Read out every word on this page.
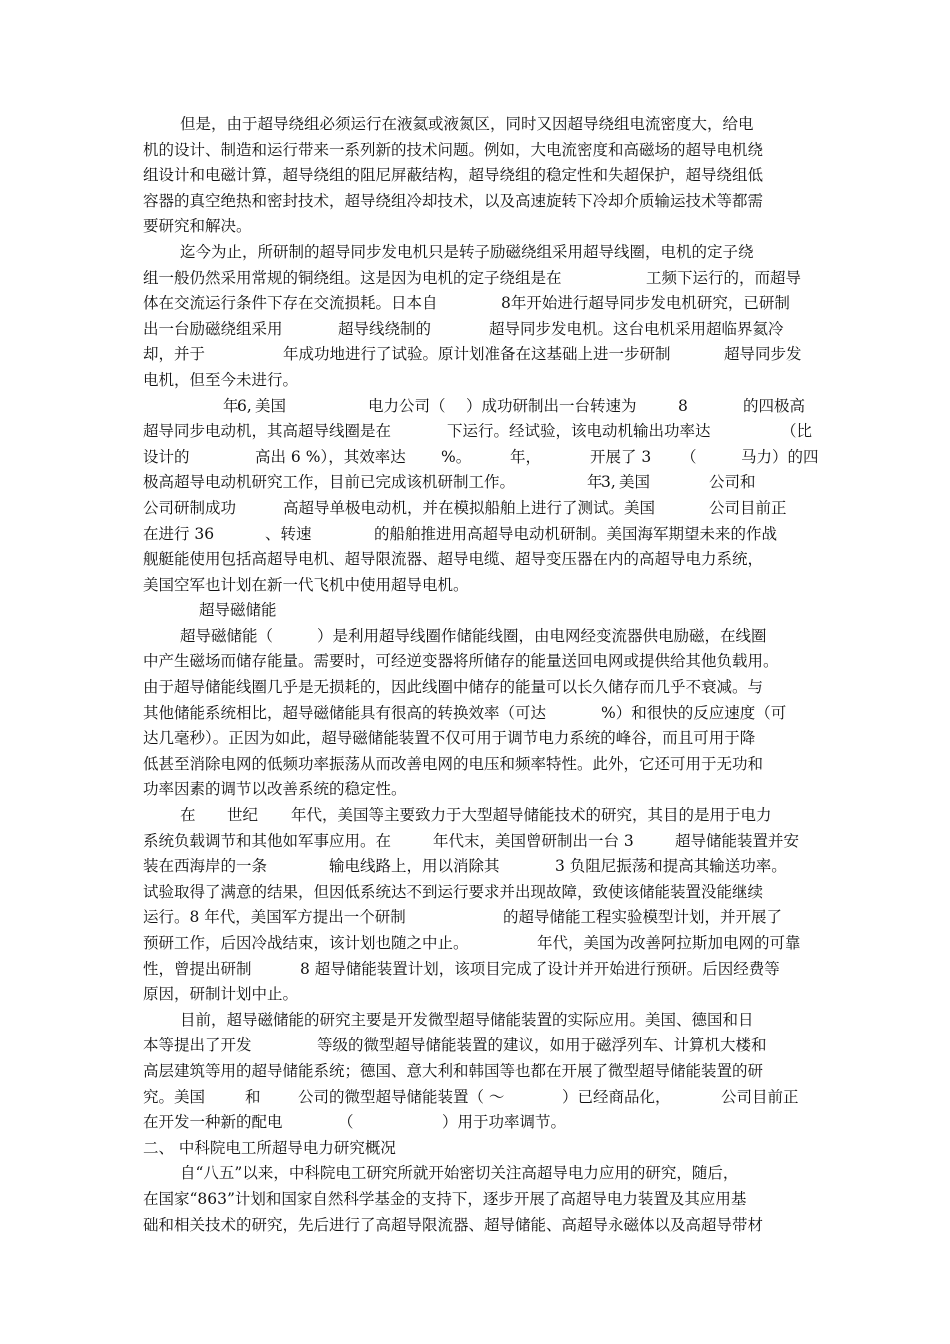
但是，由于超导绕组必须运行在液氦或液氮区，同时又因超导绕组电流密度大，给电
机的设计、制造和运行带来一系列新的技术问题。例如，大电流密度和高磁场的超导电机绕
组设计和电磁计算，超导绕组的阻尼屏蔽结构，超导绕组的稳定性和失超保护，超导绕组低
容器的真空绝热和密封技术，超导绕组冷却技术，以及高速旋转下冷却介质输运技术等都需
要研究和解决。
迄今为止，所研制的超导同步发电机只是转子励磁绕组采用超导线圈，电机的定子绕
组一般仍然采用常规的铜绕组。这是因为电机的定子绕组是在	工频下运行的，而超导
体在交流运行条件下存在交流损耗。日本自	8年开始进行超导同步发电机研究，已研制
出一台励磁绕组采用	超导线绕制的	超导同步发电机。这台电机采用超临界氦冷
却，并于	年成功地进行了试验。原计划准备在这基础上进一步研制	超导同步发
电机，但至今未进行。
年
6, 美国	电力公司（ ）成功研制出一台转速为	8	的四极高
超导同步电动机，其高超导线圈是在	下运行。经试验，该电动机输出功率达	（比
设计的	高出 6 %），其效率达 %。	年，	开展了 3 （	马力）的四
极高超导电动机研究工作，目前已完成该机研制工作。	年
3, 美国	公司和
公司研制成功	高超导单极电动机，并在模拟船舶上进行了测试。美国	公司目前正
在进行 36	、转速	的船舶推进用高超导电动机研制。美国海军期望未来的作战
舰艇能使用包括高超导电机、超导限流器、超导电缆、超导变压器在内的高超导电力系统，
美国空军也计划在新一代飞机中使用超导电机。
超导磁储能
超导磁储能（	）是利用超导线圈作储能线圈，由电网经变流器供电励磁，在线圈
中产生磁场而储存能量。需要时，可经逆变器将所储存的能量送回电网或提供给其他负载用。
由于超导储能线圈几乎是无损耗的，因此线圈中储存的能量可以长久储存而几乎不衰减。与
其他储能系统相比，超导磁储能具有很高的转换效率（可达	%）和很快的反应速度（可
达几毫秒）。正因为如此，超导磁储能装置不仅可用于调节电力系统的峰谷，而且可用于降
低甚至消除电网的低频功率振荡从而改善电网的电压和频率特性。此外，它还可用于无功和
功率因素的调节以改善系统的稳定性。
在 世纪 年代，美国等主要致力于大型超导储能技术的研究，其目的是用于电力
系统负载调节和其他如军事应用。在	年代末，美国曾研制出一台 3	超导储能装置并安
装在西海岸的一条	输电线路上，用以消除其	3 负阻尼振荡和提高其输送功率。
试验取得了满意的结果，但因低系统达不到运行要求并出现故障，致使该储能装置没能继续
运行。8 年代，美国军方提出一个研制	的超导储能工程实验模型计划，并开展了
预研工作，后因冷战结束，该计划也随之中止。	年代，美国为改善阿拉斯加电网的可靠
性，曾提出研制	8 超导储能装置计划，该项目完成了设计并开始进行预研。后因经费等
原因，研制计划中止。
目前，超导磁储能的研究主要是开发微型超导储能装置的实际应用。美国、德国和日
本等提出了开发	等级的微型超导储能装置的建议，如用于磁浮列车、计算机大楼和
高层建筑等用的超导储能系统；德国、意大利和韩国等也都在开展了微型超导储能装置的研
究。美国	和 公司的微型超导储能装置（ ～	）已经商品化，	公司目前正
在开发一种新的配电	（	）用于功率调节。
二、 中科院电工所超导电力研究概况
自“八五”以来，中科院电工研究所就开始密切关注高超导电力应用的研究，随后，
在国家“863”计划和国家自然科学基金的支持下，逐步开展了高超导电力装置及其应用基
础和相关技术的研究，先后进行了高超导限流器、超导储能、高超导永磁体以及高超导带材
